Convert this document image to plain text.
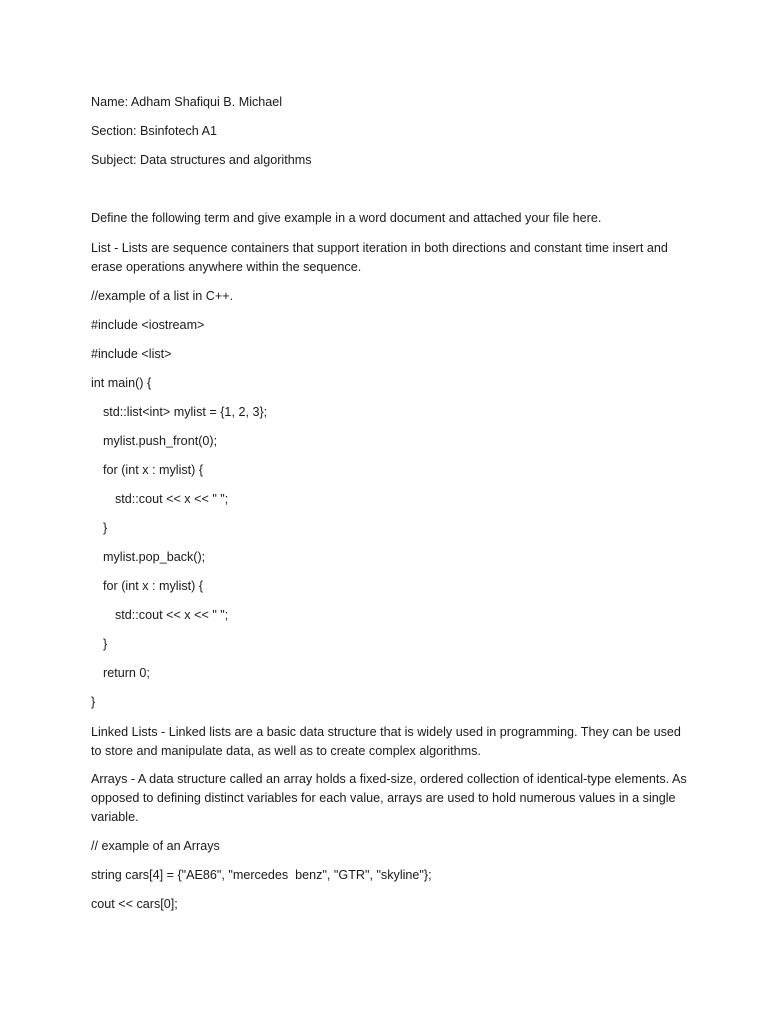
Name: Adham Shafiqui B. Michael

Section: Bsinfotech A1

Subject: Data structures and algorithms

Define the following term and give example in a word document and attached your file here.

List - Lists are sequence containers that support iteration in both directions and constant time insert and erase operations anywhere within the sequence.

//example of a list in C++.

#include <iostream>

#include <list>

int main() {

std::list<int> mylist = {1, 2, 3};

mylist.push_front(0);

for (int x : mylist) {

std::cout << x << " ";

}

mylist.pop_back();

for (int x : mylist) {

std::cout << x << " ";

}

return 0;

}

Linked Lists - Linked lists are a basic data structure that is widely used in programming. They can be used to store and manipulate data, as well as to create complex algorithms.

Arrays - A data structure called an array holds a fixed-size, ordered collection of identical-type elements. As opposed to defining distinct variables for each value, arrays are used to hold numerous values in a single variable.

// example of an Arrays

string cars[4] = {"AE86", "mercedes  benz", "GTR", "skyline"};

cout << cars[0];
